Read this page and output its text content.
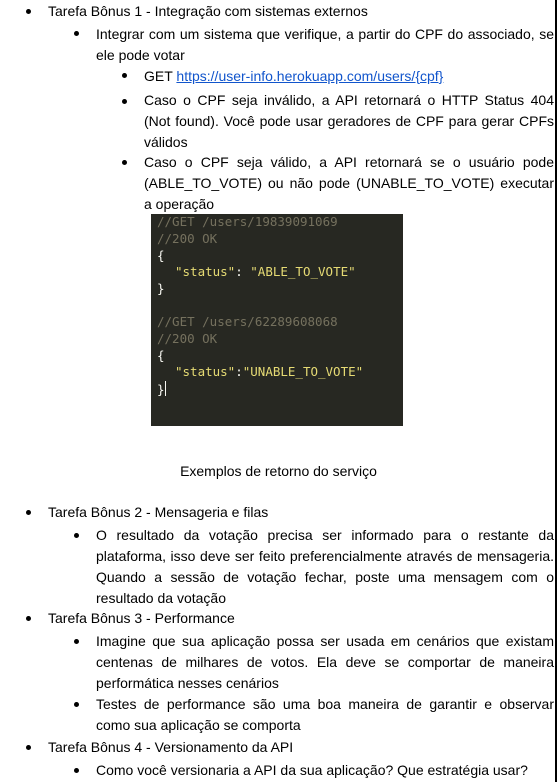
Tarefa Bônus 1 - Integração com sistemas externos
Integrar com um sistema que verifique, a partir do CPF do associado, se ele pode votar
GET https://user-info.herokuapp.com/users/{cpf}
Caso o CPF seja inválido, a API retornará o HTTP Status 404 (Not found). Você pode usar geradores de CPF para gerar CPFs válidos
Caso o CPF seja válido, a API retornará se o usuário pode (ABLE_TO_VOTE) ou não pode (UNABLE_TO_VOTE) executar a operação
//GET /users/19839091069
//200 OK
{
"status": "ABLE_TO_VOTE"
}
//GET /users/62289608068
//200 OK
{
"status":"UNABLE_TO_VOTE"
}
Exemplos de retorno do serviço
Tarefa Bônus 2 - Mensageria e filas
O resultado da votação precisa ser informado para o restante da plataforma, isso deve ser feito preferencialmente através de mensageria. Quando a sessão de votação fechar, poste uma mensagem com o resultado da votação
Tarefa Bônus 3 - Performance
Imagine que sua aplicação possa ser usada em cenários que existam centenas de milhares de votos. Ela deve se comportar de maneira performática nesses cenários
Testes de performance são uma boa maneira de garantir e observar como sua aplicação se comporta
Tarefa Bônus 4 - Versionamento da API
Como você versionaria a API da sua aplicação? Que estratégia usar?
